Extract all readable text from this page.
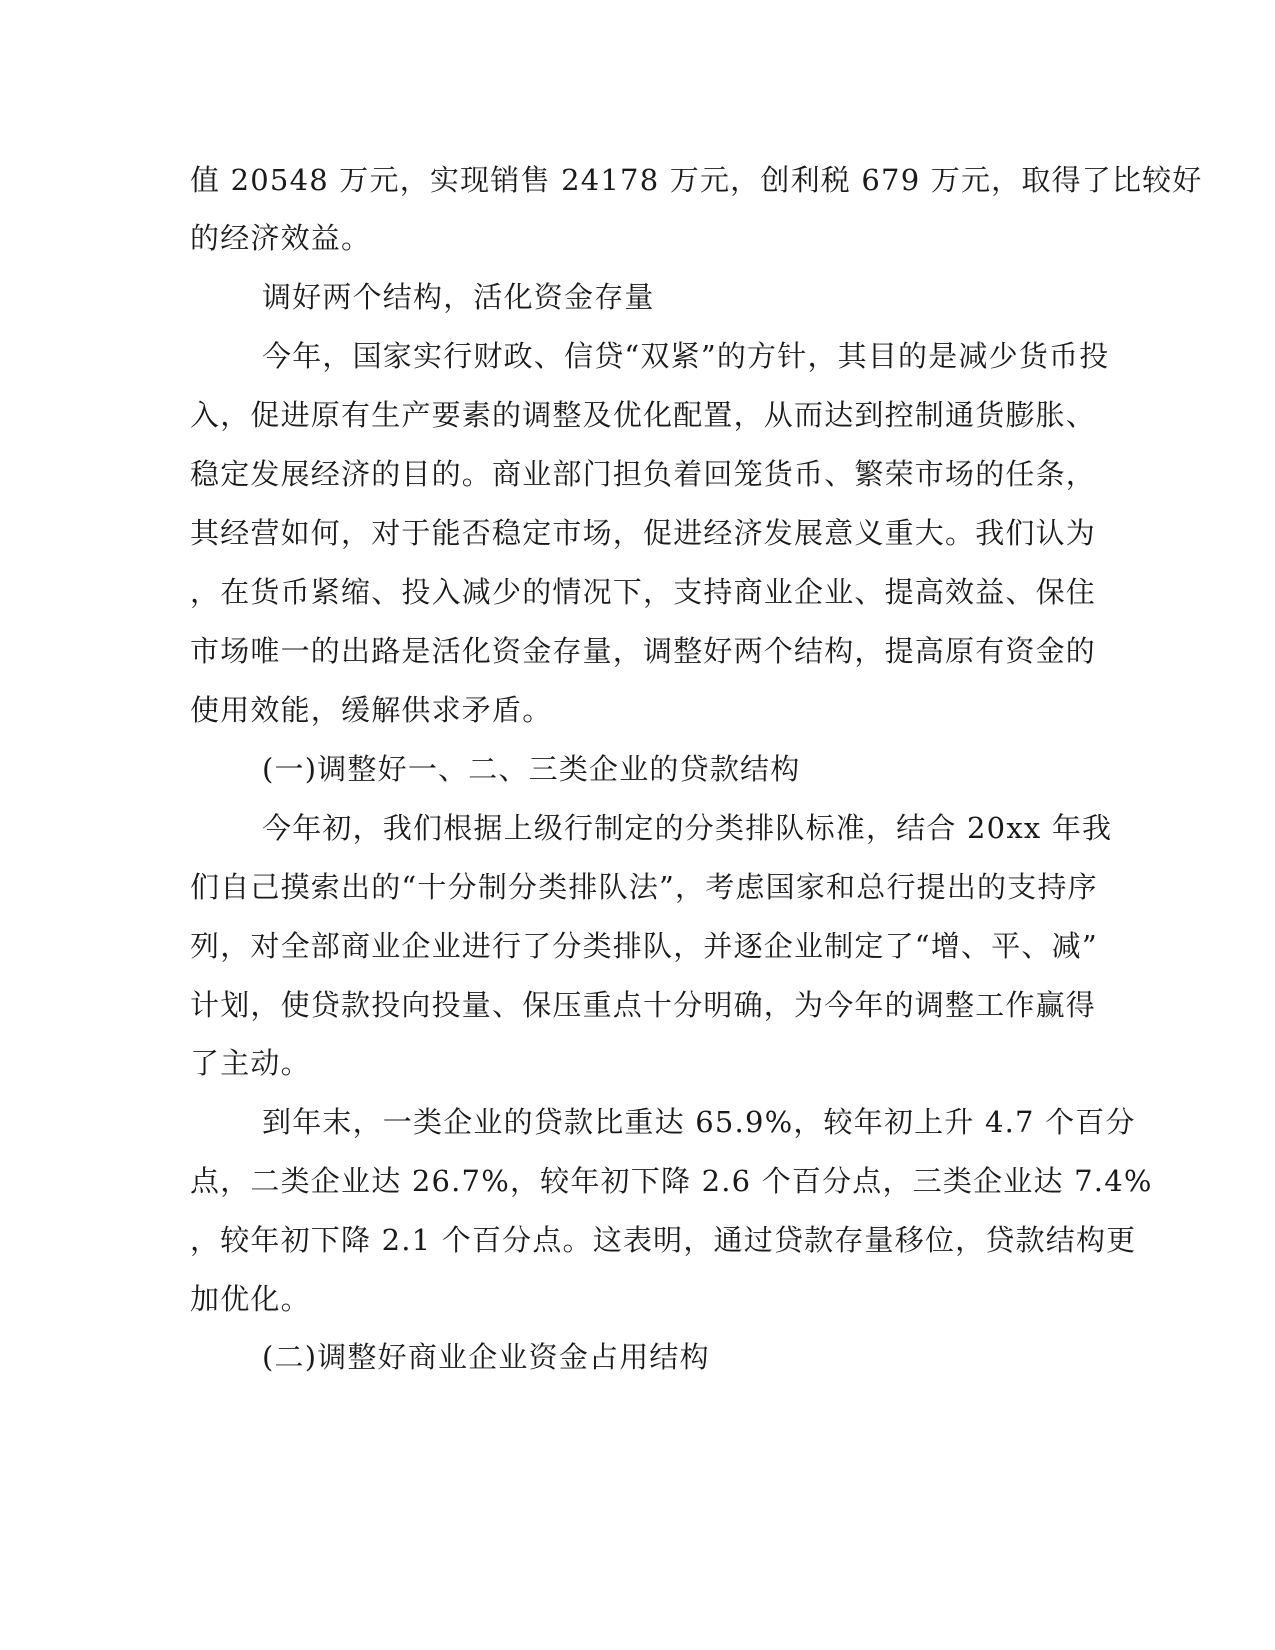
值 20548 万元，实现销售 24178 万元，创利税 679 万元，取得了比较好
的经济效益。
调好两个结构，活化资金存量
今年，国家实行财政、信贷“双紧”的方针，其目的是减少货币投
入，促进原有生产要素的调整及优化配置，从而达到控制通货膨胀、
稳定发展经济的目的。商业部门担负着回笼货币、繁荣市场的任条，
其经营如何，对于能否稳定市场，促进经济发展意义重大。我们认为
，在货币紧缩、投入减少的情况下，支持商业企业、提高效益、保住
市场唯一的出路是活化资金存量，调整好两个结构，提高原有资金的
使用效能，缓解供求矛盾。
(一)调整好一、二、三类企业的贷款结构
今年初，我们根据上级行制定的分类排队标准，结合 20xx 年我
们自己摸索出的“十分制分类排队法”，考虑国家和总行提出的支持序
列，对全部商业企业进行了分类排队，并逐企业制定了“增、平、减”
计划，使贷款投向投量、保压重点十分明确，为今年的调整工作赢得
了主动。
到年末，一类企业的贷款比重达 65.9%，较年初上升 4.7 个百分
点，二类企业达 26.7%，较年初下降 2.6 个百分点，三类企业达 7.4%
，较年初下降 2.1 个百分点。这表明，通过贷款存量移位，贷款结构更
加优化。
(二)调整好商业企业资金占用结构
